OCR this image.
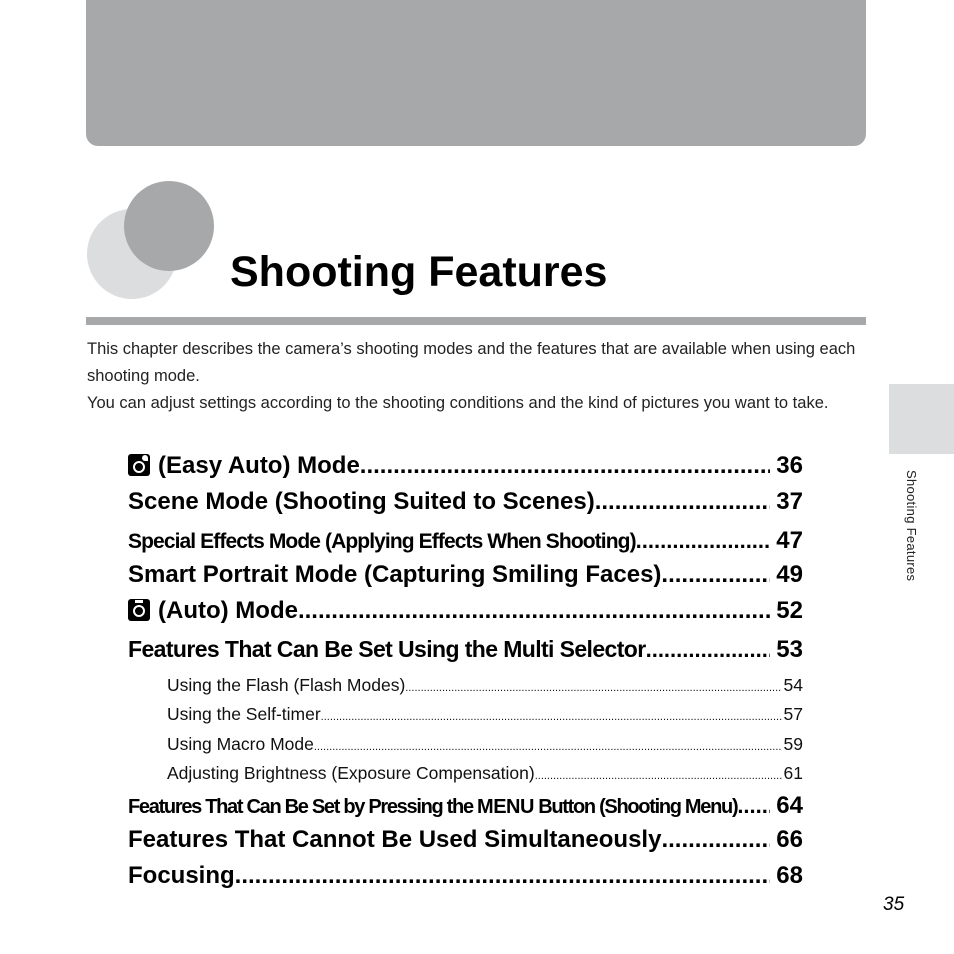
Shooting Features

This chapter describes the camera’s shooting modes and the features that are available when using each shooting mode.

You can adjust settings according to the shooting conditions and the kind of pictures you want to take.

(Easy Auto) Mode .....	36
Scene Mode (Shooting Suited to Scenes) .....	37
Special Effects Mode (Applying Effects When Shooting) .....	47
Smart Portrait Mode (Capturing Smiling Faces) .....	49
(Auto) Mode .....	52
Features That Can Be Set Using the Multi Selector .....	53
Using the Flash (Flash Modes) .....	54
Using the Self-timer .....	57
Using Macro Mode .....	59
Adjusting Brightness (Exposure Compensation) .....	61
Features That Can Be Set by Pressing the MENU Button (Shooting Menu) ..... 64
Features That Cannot Be Used Simultaneously .....	66
Focusing .....	68
Shooting Features
35
